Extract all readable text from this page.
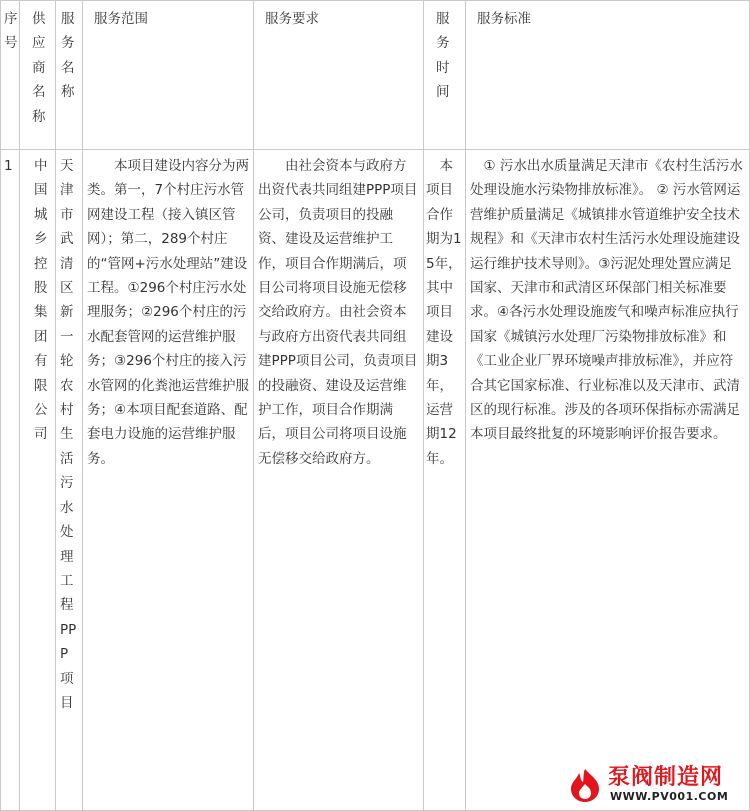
序号	供应商名称	服务名称	服务范围	服务要求	服务时间	服务标准

1	中国城乡控股集团有限公司	天津市武清区新一轮农村生活污水处理工程PPP项目	本项目建设内容分为两类。第一，7个村庄污水管网建设工程（接入镇区管网）；第二，289个村庄的“管网+污水处理站”建设工程。①296个村庄污水处理服务；②296个村庄的污水配套管网的运营维护服务；③296个村庄的接入污水管网的化粪池运营维护服务；④本项目配套道路、配套电力设施的运营维护服务。	由社会资本与政府方出资代表共同组建PPP项目公司，负责项目的投融资、建设及运营维护工作，项目合作期满后，项目公司将项目设施无偿移交给政府方。由社会资本与政府方出资代表共同组建PPP项目公司，负责项目的投融资、建设及运营维护工作，项目合作期满后，项目公司将项目设施无偿移交给政府方。	本项目合作期为15年，其中项目建设期3年，运营期12年。	① 污水出水质量满足天津市《农村生活污水处理设施水污染物排放标准》。 ② 污水管网运营维护质量满足《城镇排水管道维护安全技术规程》和《天津市农村生活污水处理设施建设运行维护技术导则》。③污泥处理处置应满足国家、天津市和武清区环保部门相关标准要求。④各污水处理设施废气和噪声标准应执行国家《城镇污水处理厂污染物排放标准》和《工业企业厂界环境噪声排放标准》，并应符合其它国家标准、行业标准以及天津市、武清区的现行标准。涉及的各项环保指标亦需满足本项目最终批复的环境影响评价报告要求。
泵阀制造网
WWW.PV001.COM
